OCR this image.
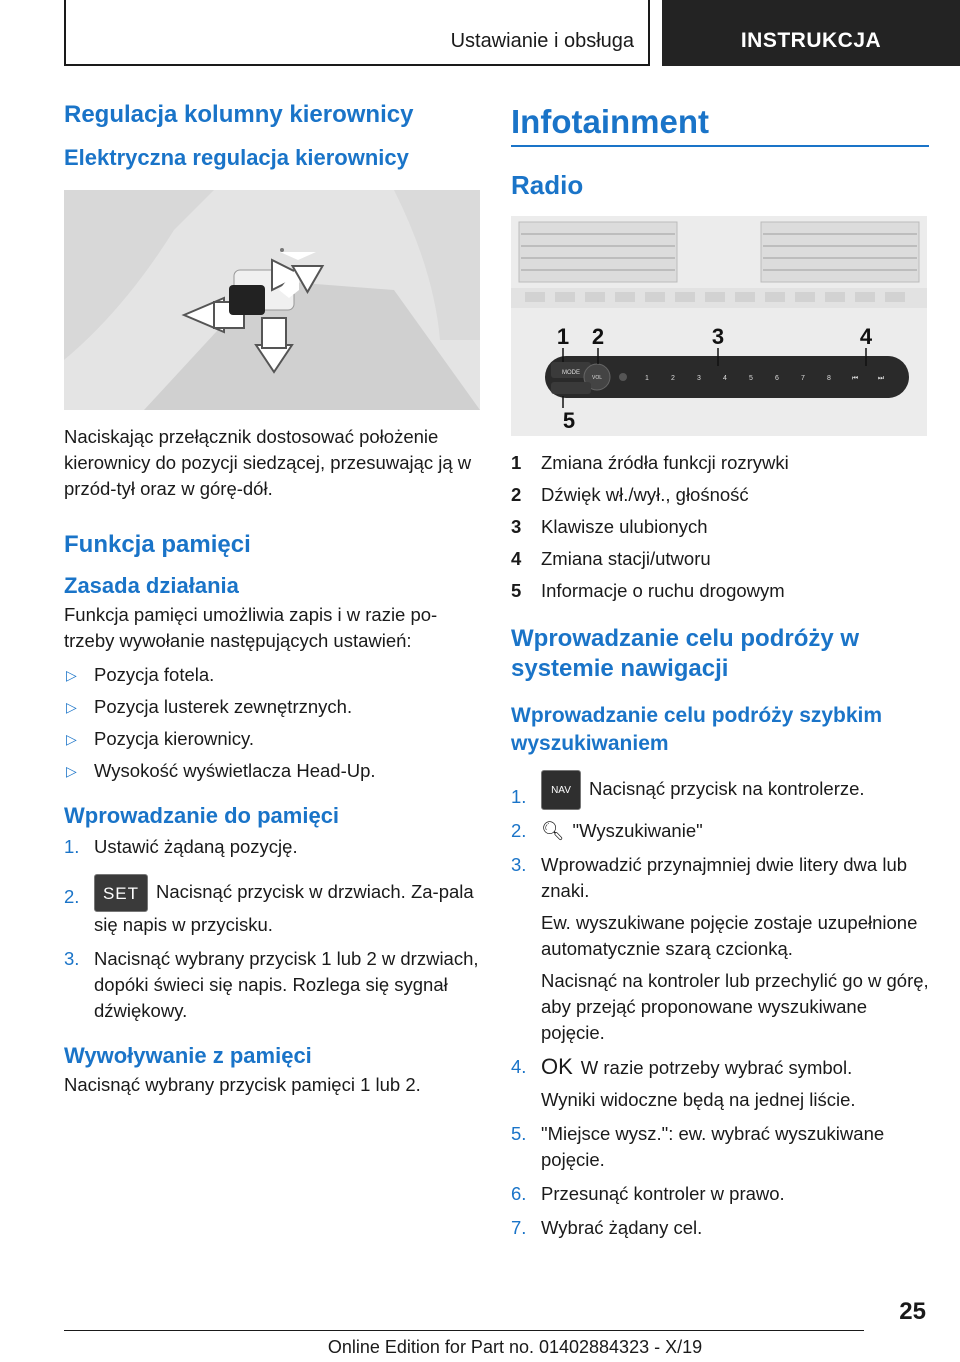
Ustawianie i obsługa	INSTRUKCJA
Regulacja kolumny kierownicy
Elektryczna regulacja kierownicy

Naciskając przełącznik dostosować położenie kierownicy do pozycji siedzącej, przesuwając ją w przód-tył oraz w górę-dół.

Funkcja pamięci
Zasada działania

Funkcja pamięci umożliwia zapis i w razie po-trzeby wywołanie następujących ustawień:

▷ Pozycja fotela.
▷ Pozycja lusterek zewnętrznych.
▷ Pozycja kierownicy.
▷ Wysokość wyświetlacza Head-Up.
Wprowadzanie do pamięci
1. Ustawić żądaną pozycję.
2. SET Nacisnąć przycisk w drzwiach. Za-pala się napis w przycisku.
3. Nacisnąć wybrany przycisk 1 lub 2 w drzwiach, dopóki świeci się napis. Rozlega się sygnał dźwiękowy.
Wywoływanie z pamięci

Nacisnąć wybrany przycisk pamięci 1 lub 2.

Infotainment
Radio
MODE
VOL	1	2	3	4	5	6	7	8	⏮	⏭
1 2	3	4
5
1 Zmiana źródła funkcji rozrywki
2 Dźwięk wł./wył., głośność
3 Klawisze ulubionych
4 Zmiana stacji/utworu
5 Informacje o ruchu drogowym
Wprowadzanie celu podróży w systemie nawigacji
Wprowadzanie celu podróży szybkim wyszukiwaniem
1. NAV Nacisnąć przycisk na kontrolerze.
2. 🔍︎ "Wyszukiwanie"
3. Wprowadzić przynajmniej dwie litery dwa lub znaki.

Ew. wyszukiwane pojęcie zostaje uzupełnione automatycznie szarą czcionką.

Nacisnąć na kontroler lub przechylić go w górę, aby przejąć proponowane wyszukiwane pojęcie.

4. OK W razie potrzeby wybrać symbol.

Wyniki widoczne będą na jednej liście.

5. "Miejsce wysz.": ew. wybrać wyszukiwane pojęcie.
6. Przesunąć kontroler w prawo.
7. Wybrać żądany cel.
25
Online Edition for Part no. 01402884323 - X/19
